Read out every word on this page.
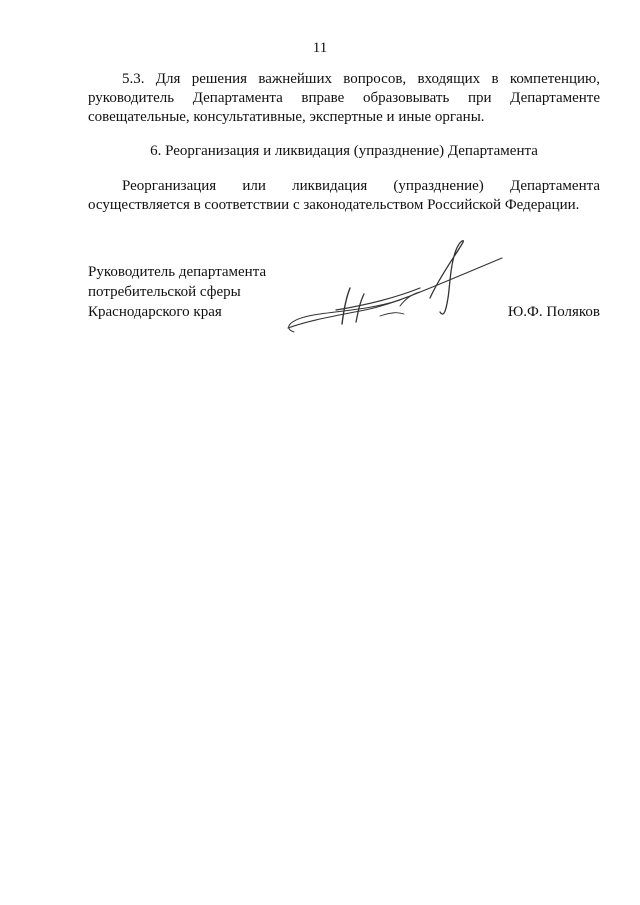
11

5.3. Для решения важнейших вопросов, входящих в компетенцию, руководитель Департамента вправе образовывать при Департаменте совещательные, консультативные, экспертные и иные органы.

6. Реорганизация и ликвидация (упразднение) Департамента

Реорганизация или ликвидация (упразднение) Департамента осуществляется в соответствии с законодательством Российской Федерации.

Руководитель департамента
потребительской сферы
Краснодарского края	Ю.Ф. Поляков
